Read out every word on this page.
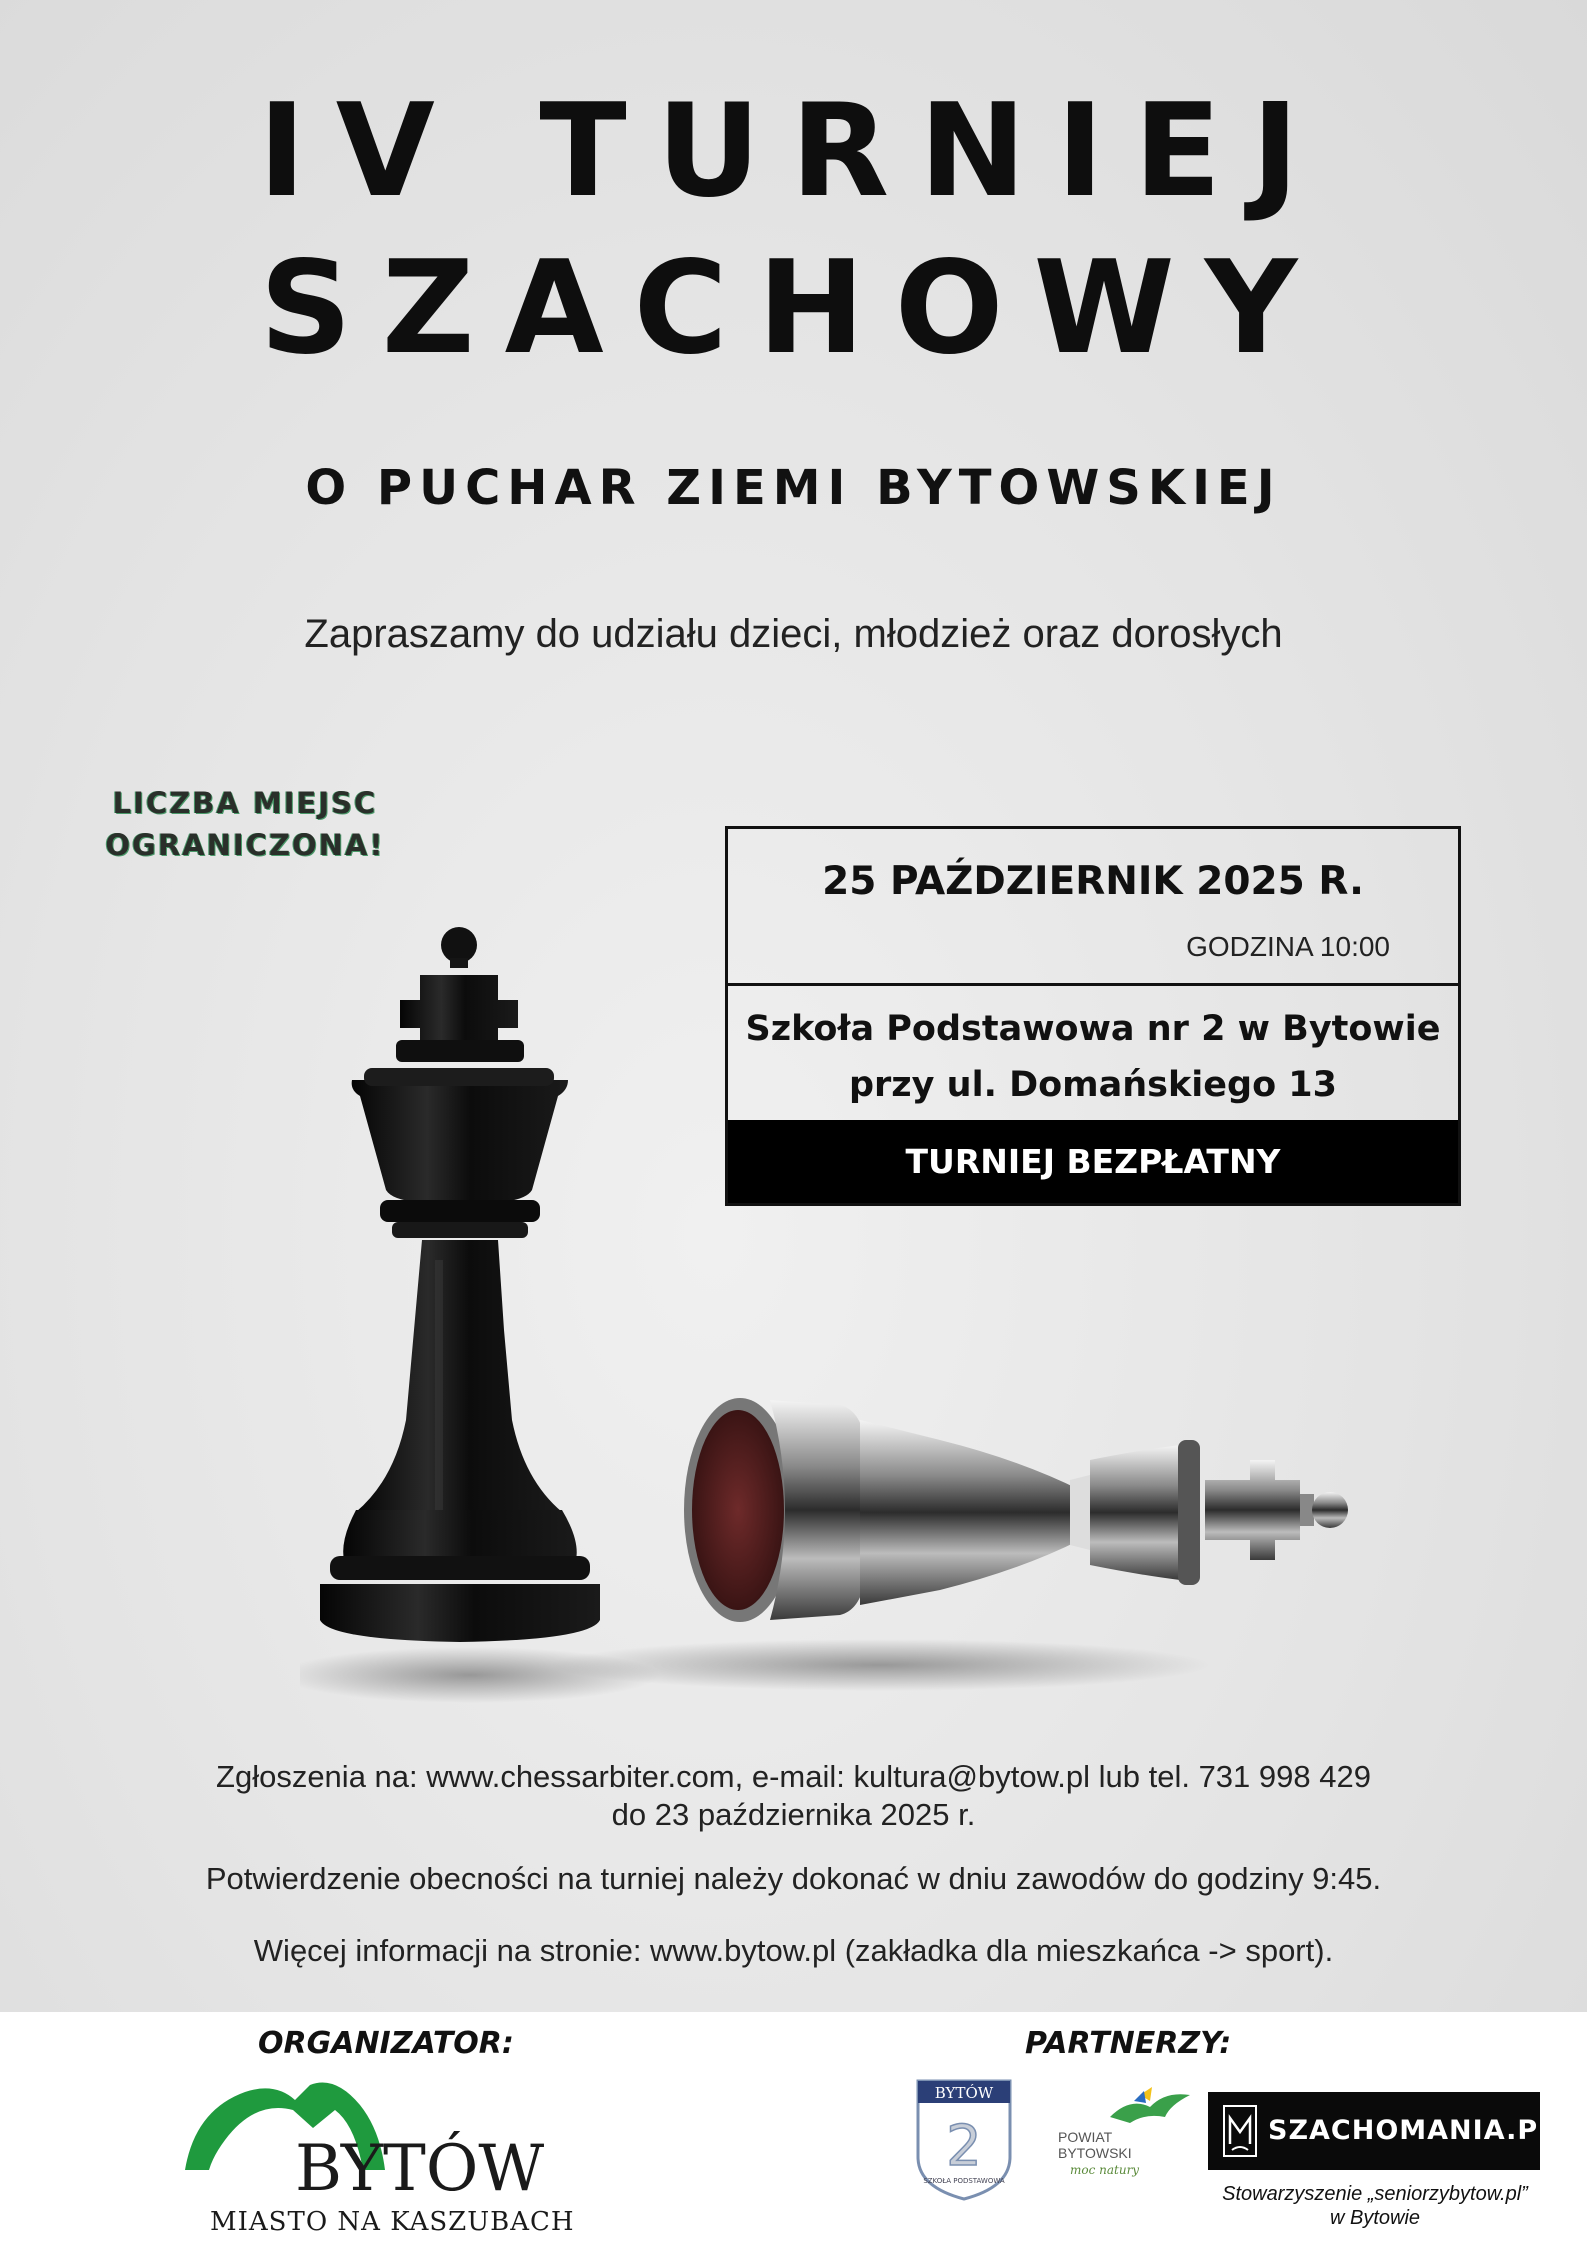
IV TURNIEJ
SZACHOWY
O PUCHAR ZIEMI BYTOWSKIEJ
Zapraszamy do udziału dzieci, młodzież oraz dorosłych
LICZBA MIEJSC
OGRANICZONA!
25 PAŹDZIERNIK 2025 R.
GODZINA 10:00
Szkoła Podstawowa nr 2 w Bytowie
przy ul. Domańskiego 13
TURNIEJ BEZPŁATNY
Zgłoszenia na: www.chessarbiter.com, e-mail: kultura@bytow.pl lub tel. 731 998 429
do 23 października 2025 r.
Potwierdzenie obecności na turniej należy dokonać w dniu zawodów do godziny 9:45.
Więcej informacji na stronie: www.bytow.pl (zakładka dla mieszkańca -> sport).
ORGANIZATOR:	PARTNERZY:
BYTÓW
MIASTO NA KASZUBACH
BYTÓW
2
SZKOŁA PODSTAWOWA
POWIAT
BYTOWSKI
moc natury
SZACHOMANIA.PL
Stowarzyszenie „seniorzybytow.pl”
w Bytowie
